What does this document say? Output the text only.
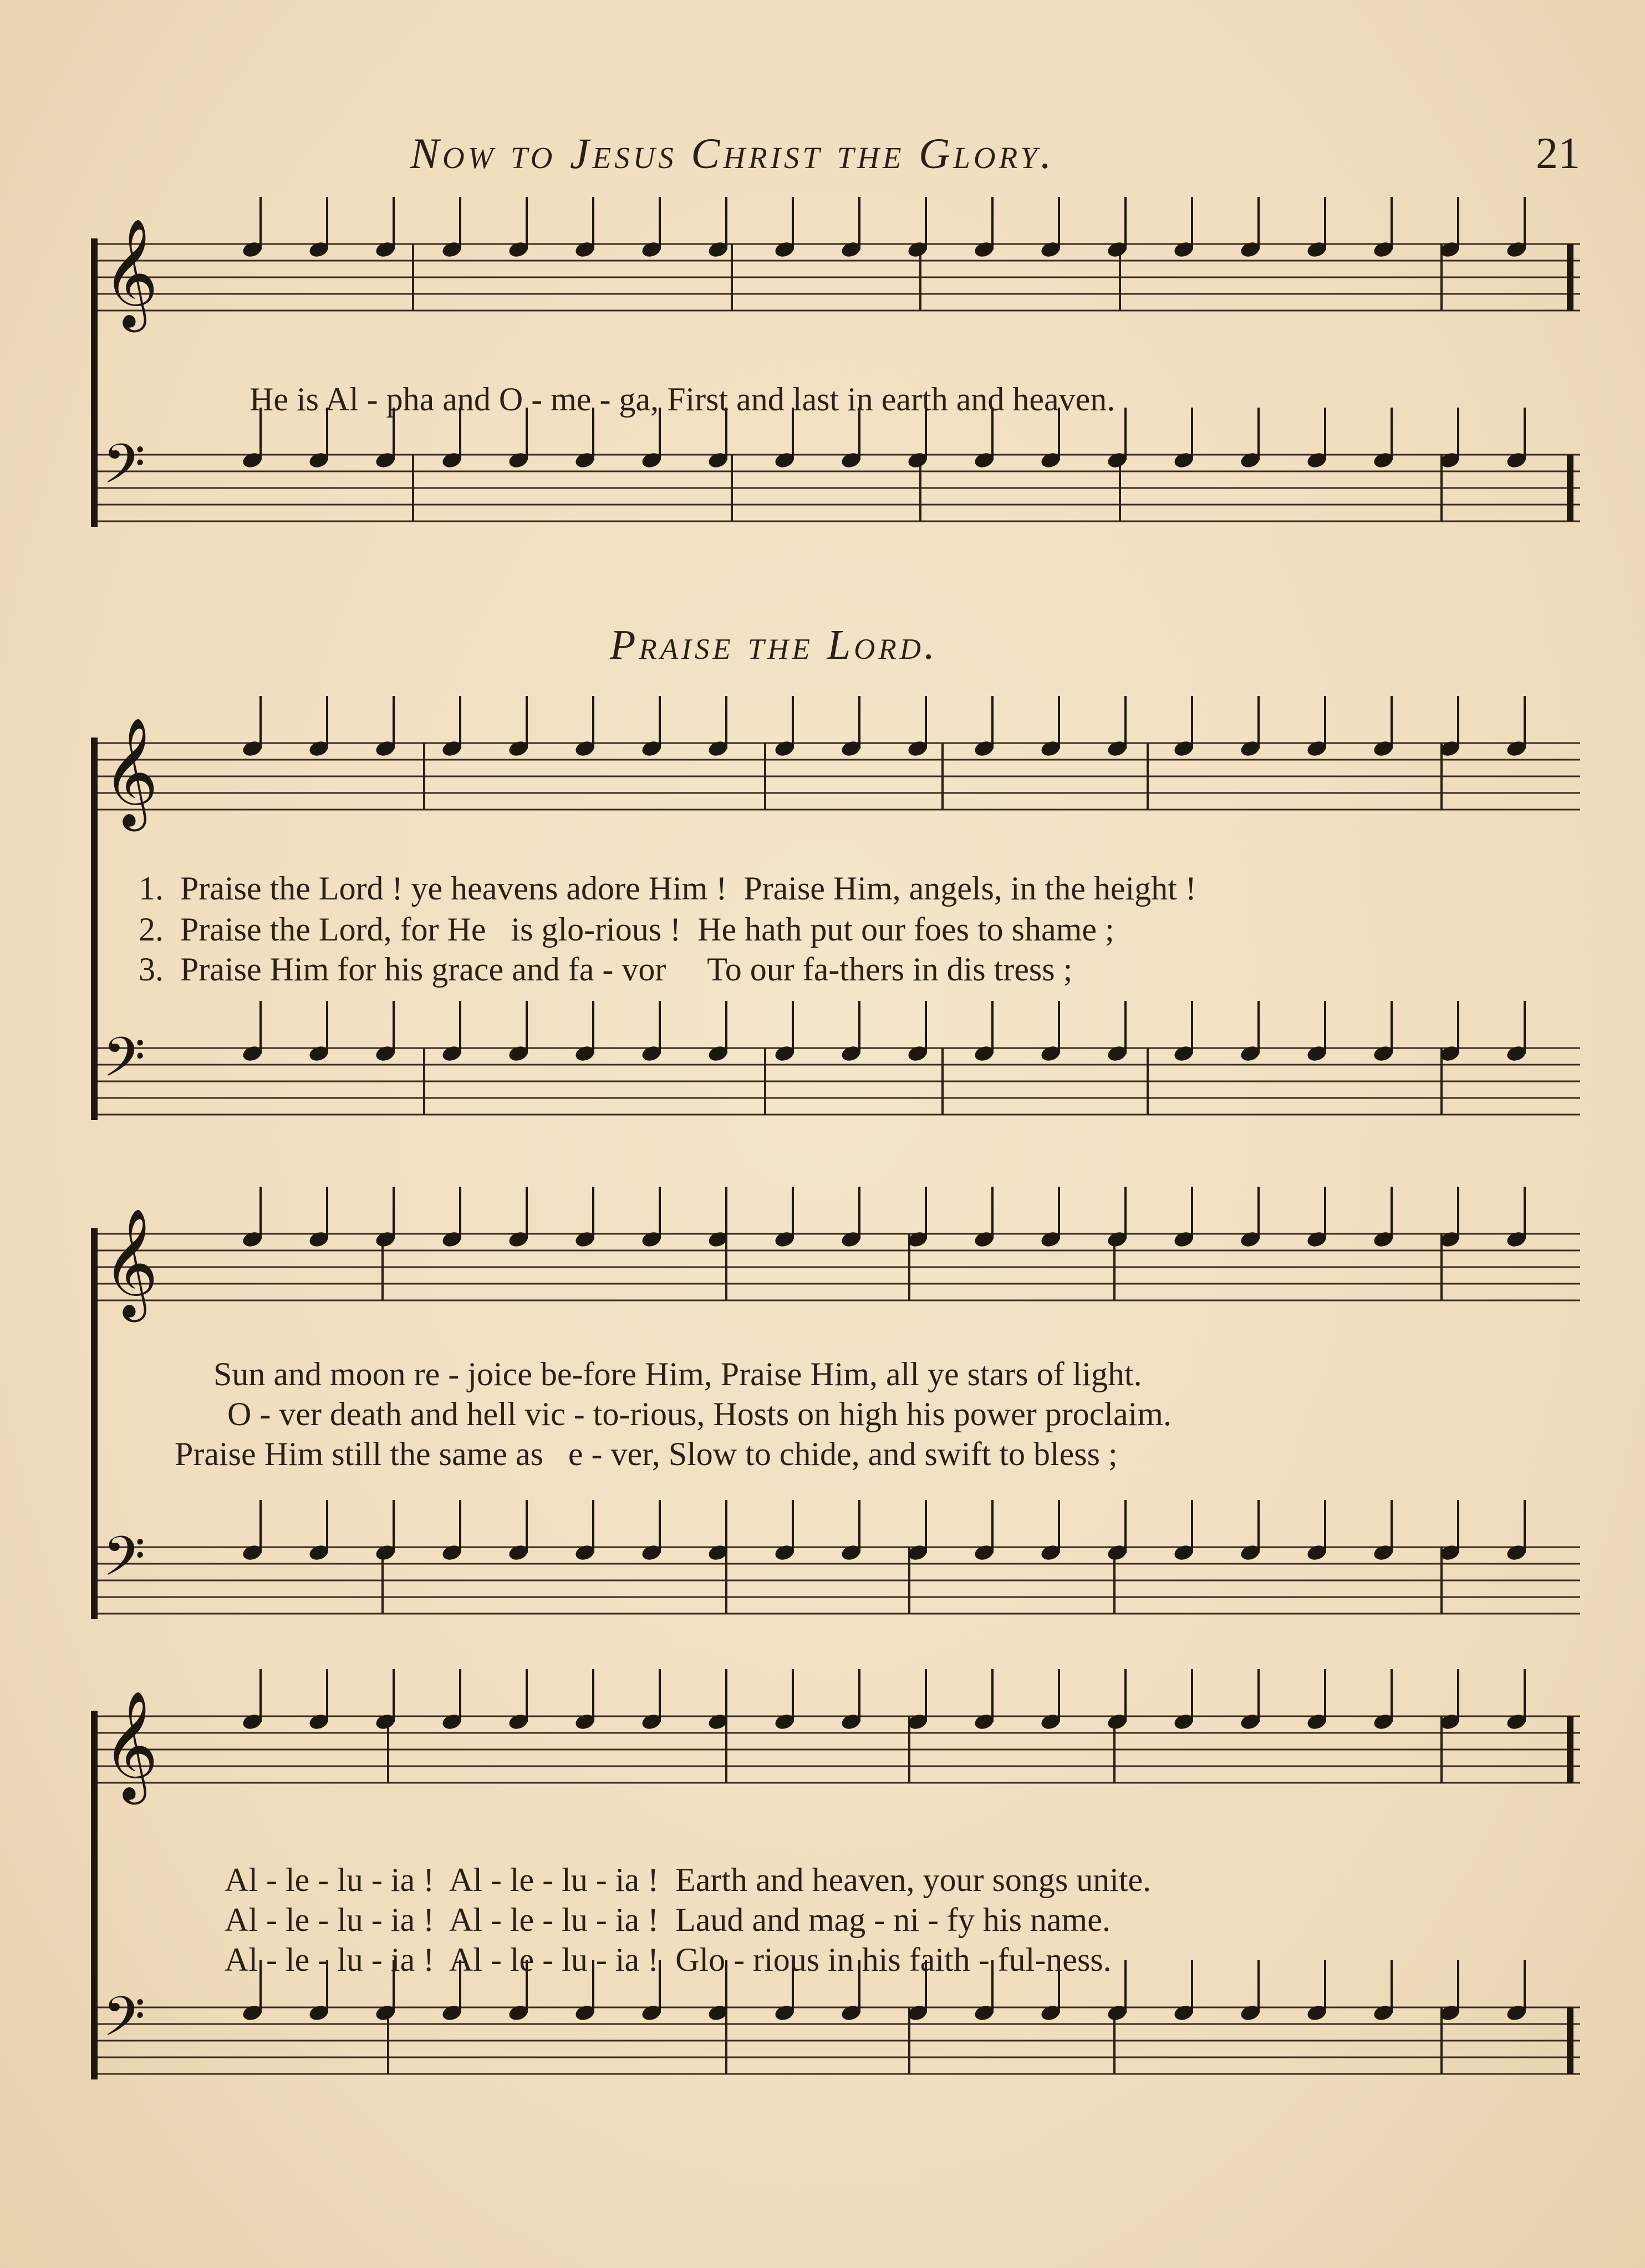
Now to Jesus Christ the Glory.	21
𝄞
𝄢
𝄞
𝄢
𝄞
𝄢
𝄞
𝄢
He is Al - pha and O - me - ga, First and last in earth and heaven.
Praise the Lord.
1.  Praise the Lord ! ye heavens adore Him !  Praise Him, angels, in the height !
2.  Praise the Lord, for He   is glo-rious !  He hath put our foes to shame ;
3.  Praise Him for his grace and fa - vor     To our fa-thers in dis tress ;
Sun and moon re - joice be-fore Him, Praise Him, all ye stars of light.
O - ver death and hell vic - to-rious, Hosts on high his power proclaim.
Praise Him still the same as   e - ver, Slow to chide, and swift to bless ;
Al - le - lu - ia !  Al - le - lu - ia !  Earth and heaven, your songs unite.
Al - le - lu - ia !  Al - le - lu - ia !  Laud and mag - ni - fy his name.
Al - le - lu - ia !  Al - le - lu - ia !  Glo - rious in his faith - ful-ness.
